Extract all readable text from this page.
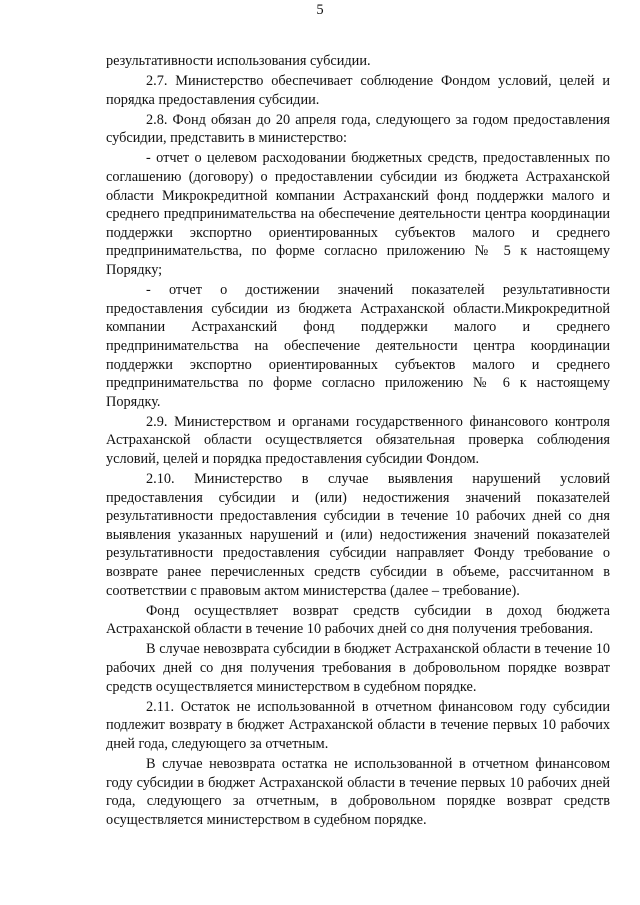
5

результативности использования субсидии.

2.7. Министерство обеспечивает соблюдение Фондом условий, целей и порядка предоставления субсидии.

2.8. Фонд обязан до 20 апреля года, следующего за годом предоставления субсидии, представить в министерство:

- отчет о целевом расходовании бюджетных средств, предоставленных по соглашению (договору) о предоставлении субсидии из бюджета Астраханской области Микрокредитной компании Астраханский фонд поддержки малого и среднего предпринимательства на обеспечение деятельности центра координации поддержки экспортно ориентированных субъектов малого и среднего предпринимательства, по форме согласно приложению № 5 к настоящему Порядку;

- отчет о достижении значений показателей результативности предоставления субсидии из бюджета Астраханской области.Микрокредитной компании Астраханский фонд поддержки малого и среднего предпринимательства на обеспечение деятельности центра координации поддержки экспортно ориентированных субъектов малого и среднего предпринимательства по форме согласно приложению № 6 к настоящему Порядку.

2.9. Министерством и органами государственного финансового контроля Астраханской области осуществляется обязательная проверка соблюдения условий, целей и порядка предоставления субсидии Фондом.

2.10. Министерство в случае выявления нарушений условий предоставления субсидии и (или) недостижения значений показателей результативности предоставления субсидии в течение 10 рабочих дней со дня выявления указанных нарушений и (или) недостижения значений показателей результативности предоставления субсидии направляет Фонду требование о возврате ранее перечисленных средств субсидии в объеме, рассчитанном в соответствии с правовым актом министерства (далее – требование).

Фонд осуществляет возврат средств субсидии в доход бюджета Астраханской области в течение 10 рабочих дней со дня получения требования.

В случае невозврата субсидии в бюджет Астраханской области в течение 10 рабочих дней со дня получения требования в добровольном порядке возврат средств осуществляется министерством в судебном порядке.

2.11. Остаток не использованной в отчетном финансовом году субсидии подлежит возврату в бюджет Астраханской области в течение первых 10 рабочих дней года, следующего за отчетным.

В случае невозврата остатка не использованной в отчетном финансовом году субсидии в бюджет Астраханской области в течение первых 10 рабочих дней года, следующего за отчетным, в добровольном порядке возврат средств осуществляется министерством в судебном порядке.
